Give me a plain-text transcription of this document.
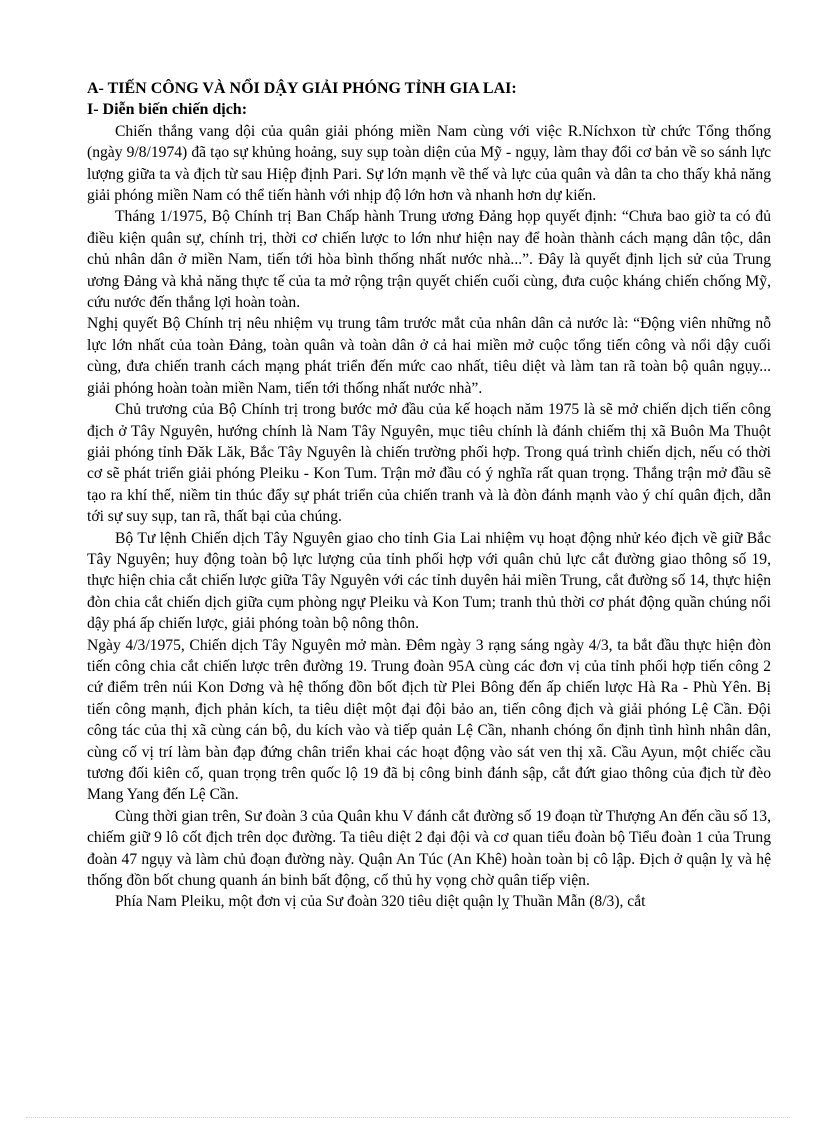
A- TIẾN CÔNG VÀ NỔI DẬY GIẢI PHÓNG TỈNH GIA LAI:
I- Diễn biến chiến dịch:

Chiến thắng vang dội của quân giải phóng miền Nam cùng với việc R.Níchxon từ chức Tổng thống (ngày 9/8/1974) đã tạo sự khủng hoảng, suy sụp toàn diện của Mỹ - ngụy, làm thay đổi cơ bản về so sánh lực lượng giữa ta và địch từ sau Hiệp định Pari. Sự lớn mạnh về thế và lực của quân và dân ta cho thấy khả năng giải phóng miền Nam có thể tiến hành với nhịp độ lớn hơn và nhanh hơn dự kiến.

Tháng 1/1975, Bộ Chính trị Ban Chấp hành Trung ương Đảng họp quyết định: “Chưa bao giờ ta có đủ điều kiện quân sự, chính trị, thời cơ chiến lược to lớn như hiện nay để hoàn thành cách mạng dân tộc, dân chủ nhân dân ở miền Nam, tiến tới hòa bình thống nhất nước nhà...”. Đây là quyết định lịch sử của Trung ương Đảng và khả năng thực tế của ta mở rộng trận quyết chiến cuối cùng, đưa cuộc kháng chiến chống Mỹ, cứu nước đến thắng lợi hoàn toàn.

Nghị quyết Bộ Chính trị nêu nhiệm vụ trung tâm trước mắt của nhân dân cả nước là: “Động viên những nỗ lực lớn nhất của toàn Đảng, toàn quân và toàn dân ở cả hai miền mở cuộc tổng tiến công và nổi dậy cuối cùng, đưa chiến tranh cách mạng phát triển đến mức cao nhất, tiêu diệt và làm tan rã toàn bộ quân ngụy... giải phóng hoàn toàn miền Nam, tiến tới thống nhất nước nhà”.

Chủ trương của Bộ Chính trị trong bước mở đầu của kế hoạch năm 1975 là sẽ mở chiến dịch tiến công địch ở Tây Nguyên, hướng chính là Nam Tây Nguyên, mục tiêu chính là đánh chiếm thị xã Buôn Ma Thuột giải phóng tỉnh Đăk Lăk, Bắc Tây Nguyên là chiến trường phối hợp. Trong quá trình chiến dịch, nếu có thời cơ sẽ phát triển giải phóng Pleiku - Kon Tum. Trận mở đầu có ý nghĩa rất quan trọng. Thắng trận mở đầu sẽ tạo ra khí thế, niềm tin thúc đẩy sự phát triển của chiến tranh và là đòn đánh mạnh vào ý chí quân địch, dẫn tới sự suy sụp, tan rã, thất bại của chúng.

Bộ Tư lệnh Chiến dịch Tây Nguyên giao cho tỉnh Gia Lai nhiệm vụ hoạt động nhử kéo địch về giữ Bắc Tây Nguyên; huy động toàn bộ lực lượng của tỉnh phối hợp với quân chủ lực cắt đường giao thông số 19, thực hiện chia cắt chiến lược giữa Tây Nguyên với các tỉnh duyên hải miền Trung, cắt đường số 14, thực hiện đòn chia cắt chiến dịch giữa cụm phòng ngự Pleiku và Kon Tum; tranh thủ thời cơ phát động quần chúng nổi dậy phá ấp chiến lược, giải phóng toàn bộ nông thôn.

Ngày 4/3/1975, Chiến dịch Tây Nguyên mở màn. Đêm ngày 3 rạng sáng ngày 4/3, ta bắt đầu thực hiện đòn tiến công chia cắt chiến lược trên đường 19. Trung đoàn 95A cùng các đơn vị của tỉnh phối hợp tiến công 2 cứ điểm trên núi Kon Dơng và hệ thống đồn bốt địch từ Plei Bông đến ấp chiến lược Hà Ra - Phù Yên. Bị tiến công mạnh, địch phản kích, ta tiêu diệt một đại đội bảo an, tiến công địch và giải phóng Lệ Cần. Đội công tác của thị xã cùng cán bộ, du kích vào và tiếp quản Lệ Cần, nhanh chóng ổn định tình hình nhân dân, cùng cố vị trí làm bàn đạp đứng chân triển khai các hoạt động vào sát ven thị xã. Cầu Ayun, một chiếc cầu tương đối kiên cố, quan trọng trên quốc lộ 19 đã bị công binh đánh sập, cắt đứt giao thông của địch từ đèo Mang Yang đến Lệ Cần.

Cùng thời gian trên, Sư đoàn 3 của Quân khu V đánh cắt đường số 19 đoạn từ Thượng An đến cầu số 13, chiếm giữ 9 lô cốt địch trên dọc đường. Ta tiêu diệt 2 đại đội và cơ quan tiểu đoàn bộ Tiểu đoàn 1 của Trung đoàn 47 ngụy và làm chủ đoạn đường này. Quận An Túc (An Khê) hoàn toàn bị cô lập. Địch ở quận lỵ và hệ thống đồn bốt chung quanh án binh bất động, cố thủ hy vọng chờ quân tiếp viện.

Phía Nam Pleiku, một đơn vị của Sư đoàn 320 tiêu diệt quận lỵ Thuần Mẫn (8/3), cắt
